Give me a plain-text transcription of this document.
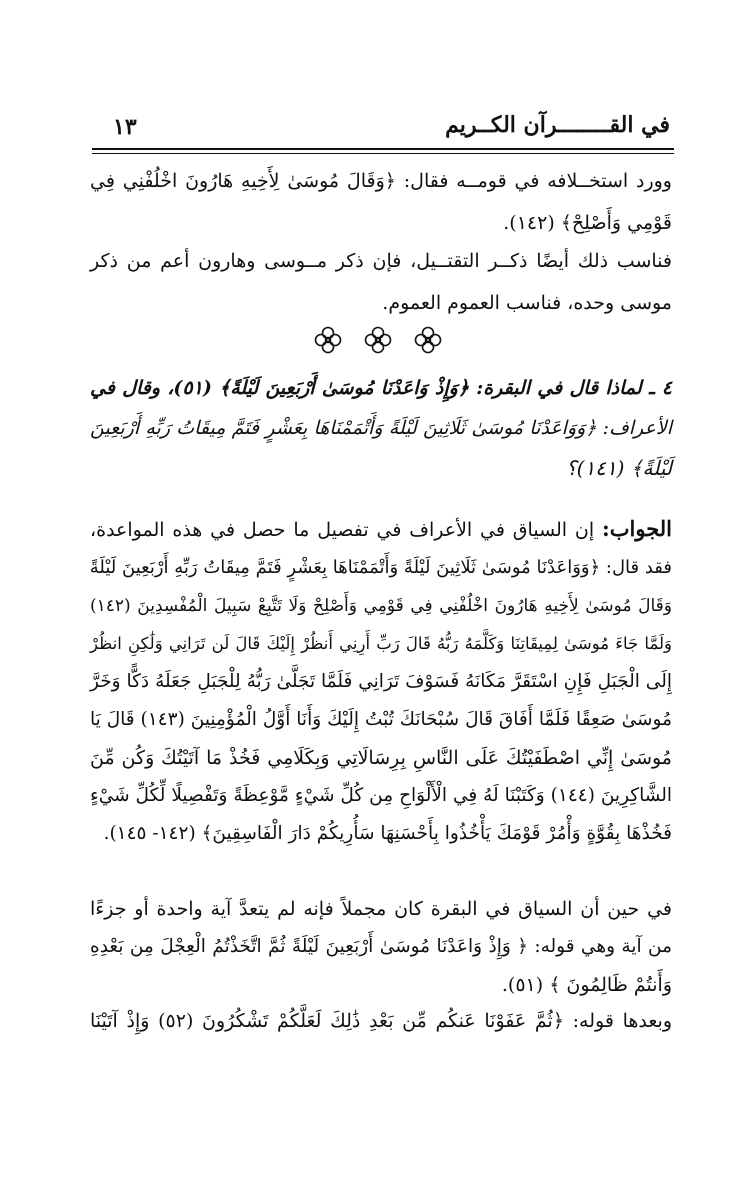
في القــــــــرآن الكــريم
١٣
وورد استخــلافه في قومــه فقال: ﴿وَقَالَ مُوسَىٰ لِأَخِيهِ هَارُونَ اخْلُفْنِي فِي
قَوْمِي وَأَصْلِحْ﴾ (١٤٢).
فناسب ذلك أيضًا ذكــر التقتــيل، فإن ذكر مــوسى وهارون أعم من ذكر
موسى وحده، فناسب العموم العموم.
٤ ـ لماذا قال في البقرة: ﴿وَإِذْ وَاعَدْنَا مُوسَىٰ أَرْبَعِينَ لَيْلَةً﴾ (٥١)، وقال في
الأعراف: ﴿وَوَاعَدْنَا مُوسَىٰ ثَلَاثِينَ لَيْلَةً وَأَتْمَمْنَاهَا بِعَشْرٍ فَتَمَّ مِيقَاتُ رَبِّهِ أَرْبَعِينَ
لَيْلَةً﴾ (١٤١)؟
الجواب: إن السياق في الأعراف في تفصيل ما حصل في هذه المواعدة،
فقد قال: ﴿وَوَاعَدْنَا مُوسَىٰ ثَلَاثِينَ لَيْلَةً وَأَتْمَمْنَاهَا بِعَشْرٍ فَتَمَّ مِيقَاتُ رَبِّهِ أَرْبَعِينَ لَيْلَةً
وَقَالَ مُوسَىٰ لِأَخِيهِ هَارُونَ اخْلُفْنِي فِي قَوْمِي وَأَصْلِحْ وَلَا تَتَّبِعْ سَبِيلَ الْمُفْسِدِينَ (١٤٢)
وَلَمَّا جَاءَ مُوسَىٰ لِمِيقَاتِنَا وَكَلَّمَهُ رَبُّهُ قَالَ رَبِّ أَرِنِي أَنظُرْ إِلَيْكَ قَالَ لَن تَرَانِي وَلَٰكِنِ انظُرْ
إِلَى الْجَبَلِ فَإِنِ اسْتَقَرَّ مَكَانَهُ فَسَوْفَ تَرَانِي فَلَمَّا تَجَلَّىٰ رَبُّهُ لِلْجَبَلِ جَعَلَهُ دَكًّا وَخَرَّ
مُوسَىٰ صَعِقًا فَلَمَّا أَفَاقَ قَالَ سُبْحَانَكَ تُبْتُ إِلَيْكَ وَأَنَا أَوَّلُ الْمُؤْمِنِينَ (١٤٣) قَالَ يَا
مُوسَىٰ إِنِّي اصْطَفَيْتُكَ عَلَى النَّاسِ بِرِسَالَاتِي وَبِكَلَامِي فَخُذْ مَا آتَيْتُكَ وَكُن مِّنَ
الشَّاكِرِينَ (١٤٤) وَكَتَبْنَا لَهُ فِي الْأَلْوَاحِ مِن كُلِّ شَيْءٍ مَّوْعِظَةً وَتَفْصِيلًا لِّكُلِّ شَيْءٍ
فَخُذْهَا بِقُوَّةٍ وَأْمُرْ قَوْمَكَ يَأْخُذُوا بِأَحْسَنِهَا سَأُرِيكُمْ دَارَ الْفَاسِقِينَ﴾ (١٤٢- ١٤٥).
في حين أن السياق في البقرة كان مجملاً فإنه لم يتعدَّ آية واحدة أو جزءًا
من آية وهي قوله: ﴿ وَإِذْ وَاعَدْنَا مُوسَىٰ أَرْبَعِينَ لَيْلَةً ثُمَّ اتَّخَذْتُمُ الْعِجْلَ مِن بَعْدِهِ
وَأَنتُمْ ظَالِمُونَ ﴾ (٥١).
وبعدها قوله: ﴿ثُمَّ عَفَوْنَا عَنكُم مِّن بَعْدِ ذَٰلِكَ لَعَلَّكُمْ تَشْكُرُونَ (٥٢) وَإِذْ آتَيْنَا
